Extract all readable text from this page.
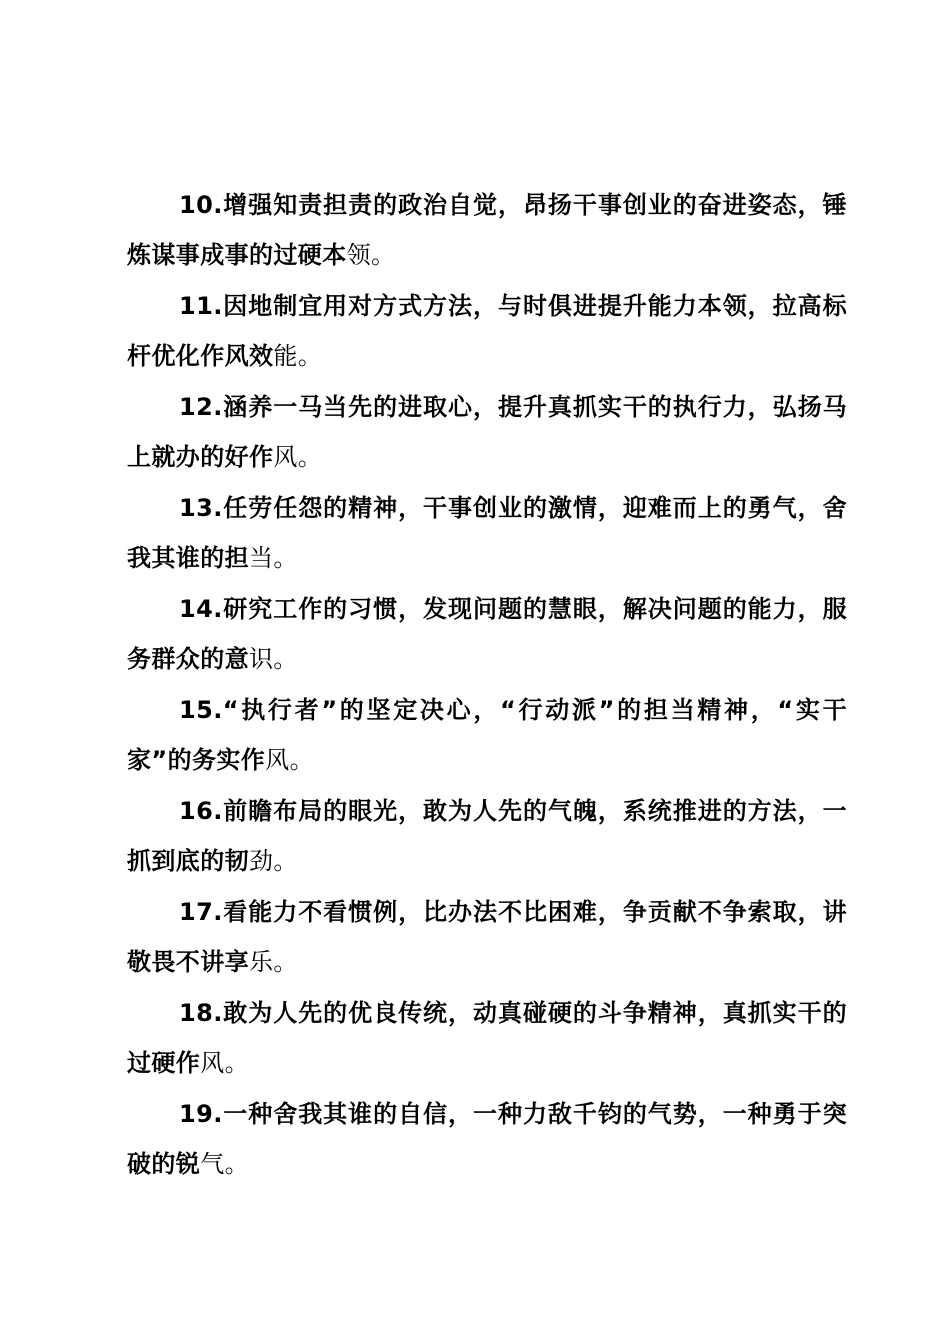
10.增强知责担责的政治自觉，昂扬干事创业的奋进姿态，锤炼谋事成事的过硬本领。

11.因地制宜用对方式方法，与时俱进提升能力本领，拉高标杆优化作风效能。

12.涵养一马当先的进取心，提升真抓实干的执行力，弘扬马上就办的好作风。

13.任劳任怨的精神，干事创业的激情，迎难而上的勇气，舍我其谁的担当。

14.研究工作的习惯，发现问题的慧眼，解决问题的能力，服务群众的意识。

15.“执行者”的坚定决心，“行动派”的担当精神，“实干家”的务实作风。

16.前瞻布局的眼光，敢为人先的气魄，系统推进的方法，一抓到底的韧劲。

17.看能力不看惯例，比办法不比困难，争贡献不争索取，讲敬畏不讲享乐。

18.敢为人先的优良传统，动真碰硬的斗争精神，真抓实干的过硬作风。

19.一种舍我其谁的自信，一种力敌千钧的气势，一种勇于突破的锐气。
